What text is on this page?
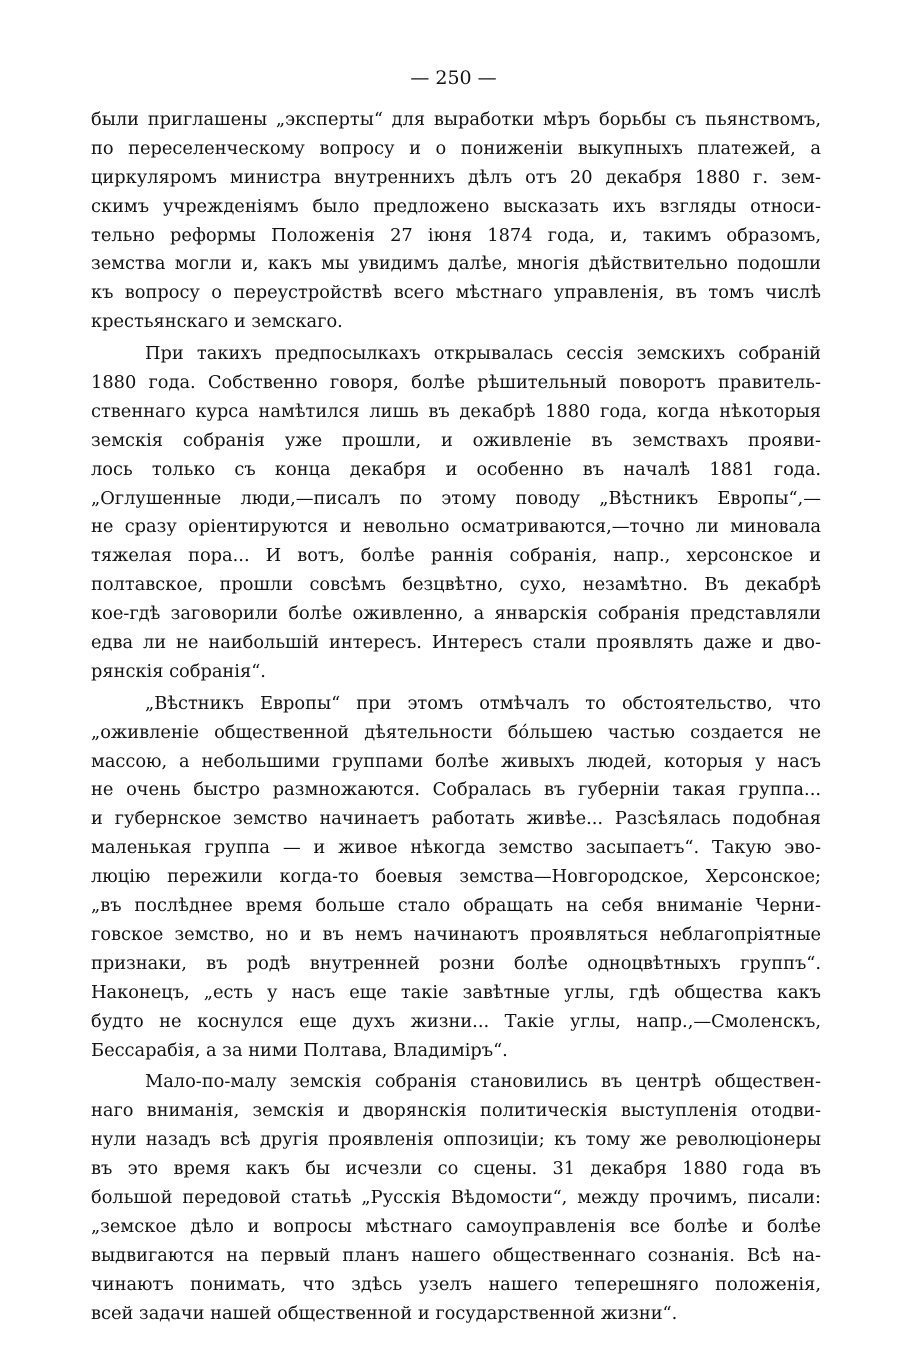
— 250 —

были приглашены „эксперты“ для выработки мѣръ борьбы съ пьянствомъ,
по переселенческому вопросу и о пониженіи выкупныхъ платежей, а
циркуляромъ министра внутреннихъ дѣлъ отъ 20 декабря 1880 г. зем-
скимъ учрежденіямъ было предложено высказать ихъ взгляды относи-
тельно реформы Положенія 27 іюня 1874 года, и, такимъ образомъ,
земства могли и, какъ мы увидимъ далѣе, многія дѣйствительно подошли
къ вопросу о переустройствѣ всего мѣстнаго управленія, въ томъ числѣ
крестьянскаго и земскаго.
При такихъ предпосылкахъ открывалась сессія земскихъ собраній
1880 года. Собственно говоря, болѣе рѣшительный поворотъ правитель-
ственнаго курса намѣтился лишь въ декабрѣ 1880 года, когда нѣкоторыя
земскія собранія уже прошли, и оживленіе въ земствахъ прояви-
лось только съ конца декабря и особенно въ началѣ 1881 года.
„Оглушенные люди,—писалъ по этому поводу „Вѣстникъ Европы“,—
не сразу оріентируются и невольно осматриваются,—точно ли миновала
тяжелая пора... И вотъ, болѣе раннія собранія, напр., херсонское и
полтавское, прошли совсѣмъ безцвѣтно, сухо, незамѣтно. Въ декабрѣ
кое-гдѣ заговорили болѣе оживленно, а январскія собранія представляли
едва ли не наибольшій интересъ. Интересъ стали проявлять даже и дво-
рянскія собранія“.
„Вѣстникъ Европы“ при этомъ отмѣчалъ то обстоятельство, что
„оживленіе общественной дѣятельности бо́льшею частью создается не
массою, а небольшими группами болѣе живыхъ людей, которыя у насъ
не очень быстро размножаются. Собралась въ губерніи такая группа...
и губернское земство начинаетъ работать живѣе... Разсѣялась подобная
маленькая группа — и живое нѣкогда земство засыпаетъ“. Такую эво-
люцію пережили когда-то боевыя земства—Новгородское, Херсонское;
„въ послѣднее время больше стало обращать на себя вниманіе Черни-
говское земство, но и въ немъ начинаютъ проявляться неблагопріятные
признаки, въ родѣ внутренней розни болѣе одноцвѣтныхъ группъ“.
Наконецъ, „есть у насъ еще такіе завѣтные углы, гдѣ общества какъ
будто не коснулся еще духъ жизни... Такіе углы, напр.,—Смоленскъ,
Бессарабія, а за ними Полтава, Владиміръ“.
Мало-по-малу земскія собранія становились въ центрѣ обществен-
наго вниманія, земскія и дворянскія политическія выступленія отодви-
нули назадъ всѣ другія проявленія оппозиціи; къ тому же революціонеры
въ это время какъ бы исчезли со сцены. 31 декабря 1880 года въ
большой передовой статьѣ „Русскія Вѣдомости“, между прочимъ, писали:
„земское дѣло и вопросы мѣстнаго самоуправленія все болѣе и болѣе
выдвигаются на первый планъ нашего общественнаго сознанія. Всѣ на-
чинаютъ понимать, что здѣсь узелъ нашего теперешняго положенія,
всей задачи нашей общественной и государственной жизни“.
